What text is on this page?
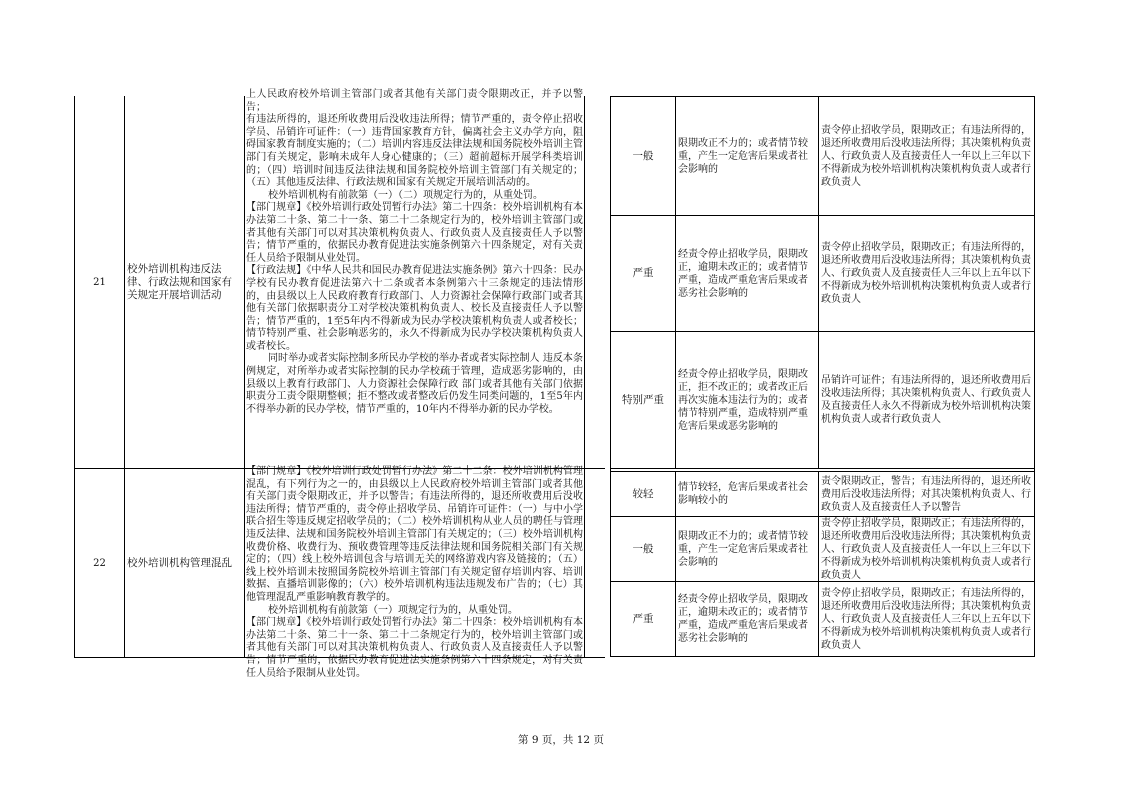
21
校外培训机构违反法律、行政法规和国家有关规定开展培训活动

上人民政府校外培训主管部门或者其他有关部门责令限期改正，并予以警告；

有违法所得的，退还所收费用后没收违法所得；情节严重的，责令停止招收学员、吊销许可证件：（一）违背国家教育方针，偏离社会主义办学方向，阻碍国家教育制度实施的；（二）培训内容违反法律法规和国务院校外培训主管部门有关规定，影响未成年人身心健康的；（三）超前超标开展学科类培训的；（四）培训时间违反法律法规和国务院校外培训主管部门有关规定的；（五）其他违反法律、行政法规和国家有关规定开展培训活动的。

校外培训机构有前款第（一）（二）项规定行为的，从重处罚。

【部门规章】《校外培训行政处罚暂行办法》第二十四条：校外培训机构有本办法第二十条、第二十一条、第二十二条规定行为的，校外培训主管部门或者其他有关部门可以对其决策机构负责人、行政负责人及直接责任人予以警告；情节严重的，依据民办教育促进法实施条例第六十四条规定，对有关责任人员给予限制从业处罚。

【行政法规】《中华人民共和国民办教育促进法实施条例》第六十四条：民办学校有民办教育促进法第六十二条或者本条例第六十三条规定的违法情形的，由县级以上人民政府教育行政部门、人力资源社会保障行政部门或者其他有关部门依据职责分工对学校决策机构负责人、校长及直接责任人予以警告；情节严重的，1至5年内不得新成为民办学校决策机构负责人或者校长；情节特别严重、社会影响恶劣的，永久不得新成为民办学校决策机构负责人或者校长。

同时举办或者实际控制多所民办学校的举办者或者实际控制人 违反本条例规定，对所举办或者实际控制的民办学校疏于管理，造成恶劣影响的，由县级以上教育行政部门、人力资源社会保障行政 部门或者其他有关部门依据职责分工责令限期整顿；拒不整改或者整改后仍发生同类问题的，1至5年内不得举办新的民办学校，情节严重的，10年内不得举办新的民办学校。

22	校外培训机构管理混乱

【部门规章】《校外培训行政处罚暂行办法》第二十二条：校外培训机构管理混乱，有下列行为之一的，由县级以上人民政府校外培训主管部门或者其他有关部门责令限期改正，并予以警告；有违法所得的，退还所收费用后没收违法所得；情节严重的，责令停止招收学员、吊销许可证件：（一）与中小学联合招生等违反规定招收学员的；（二）校外培训机构从业人员的聘任与管理违反法律、法规和国务院校外培训主管部门有关规定的；（三）校外培训机构收费价格、收费行为、预收费管理等违反法律法规和国务院相关部门有关规定的；（四）线上校外培训包含与培训无关的网络游戏内容及链接的；（五）线上校外培训未按照国务院校外培训主管部门有关规定留存培训内容、培训数据、直播培训影像的；（六）校外培训机构违法违规发布广告的；（七）其他管理混乱严重影响教育教学的。

校外培训机构有前款第（一）项规定行为的，从重处罚。

【部门规章】《校外培训行政处罚暂行办法》第二十四条：校外培训机构有本办法第二十条、第二十一条、第二十二条规定行为的，校外培训主管部门或者其他有关部门可以对其决策机构负责人、行政负责人及直接责任人予以警告；情节严重的，依据民办教育促进法实施条例第六十四条规定，对有关责任人员给予限制从业处罚。

一般
限期改正不力的；或者情节较重，产生一定危害后果或者社会影响的
责令停止招收学员，限期改正；有违法所得的，退还所收费用后没收违法所得；其决策机构负责人、行政负责人及直接责任人一年以上三年以下不得新成为校外培训机构决策机构负责人或者行政负责人
严重
经责令停止招收学员，限期改正，逾期未改正的；或者情节严重，造成严重危害后果或者恶劣社会影响的
责令停止招收学员，限期改正；有违法所得的，退还所收费用后没收违法所得；其决策机构负责人、行政负责人及直接责任人三年以上五年以下不得新成为校外培训机构决策机构负责人或者行政负责人
特别严重
经责令停止招收学员，限期改正，拒不改正的；或者改正后再次实施本违法行为的；或者情节特别严重，造成特别严重危害后果或恶劣影响的
吊销许可证件；有违法所得的，退还所收费用后没收违法所得；其决策机构负责人、行政负责人及直接责任人永久不得新成为校外培训机构决策机构负责人或者行政负责人
较轻	情节较轻，危害后果或者社会影响较小的
责令限期改正，警告；有违法所得的，退还所收费用后没收违法所得；对其决策机构负责人、行政负责人及直接责任人予以警告
一般
限期改正不力的；或者情节较重，产生一定危害后果或者社会影响的
责令停止招收学员，限期改正；有违法所得的，退还所收费用后没收违法所得；其决策机构负责人、行政负责人及直接责任人一年以上三年以下不得新成为校外培训机构决策机构负责人或者行政负责人
严重
经责令停止招收学员，限期改正，逾期未改正的；或者情节严重，造成严重危害后果或者恶劣社会影响的
责令停止招收学员，限期改正；有违法所得的，退还所收费用后没收违法所得；其决策机构负责人、行政负责人及直接责任人三年以上五年以下不得新成为校外培训机构决策机构负责人或者行政负责人
第 9 页，共 12 页
